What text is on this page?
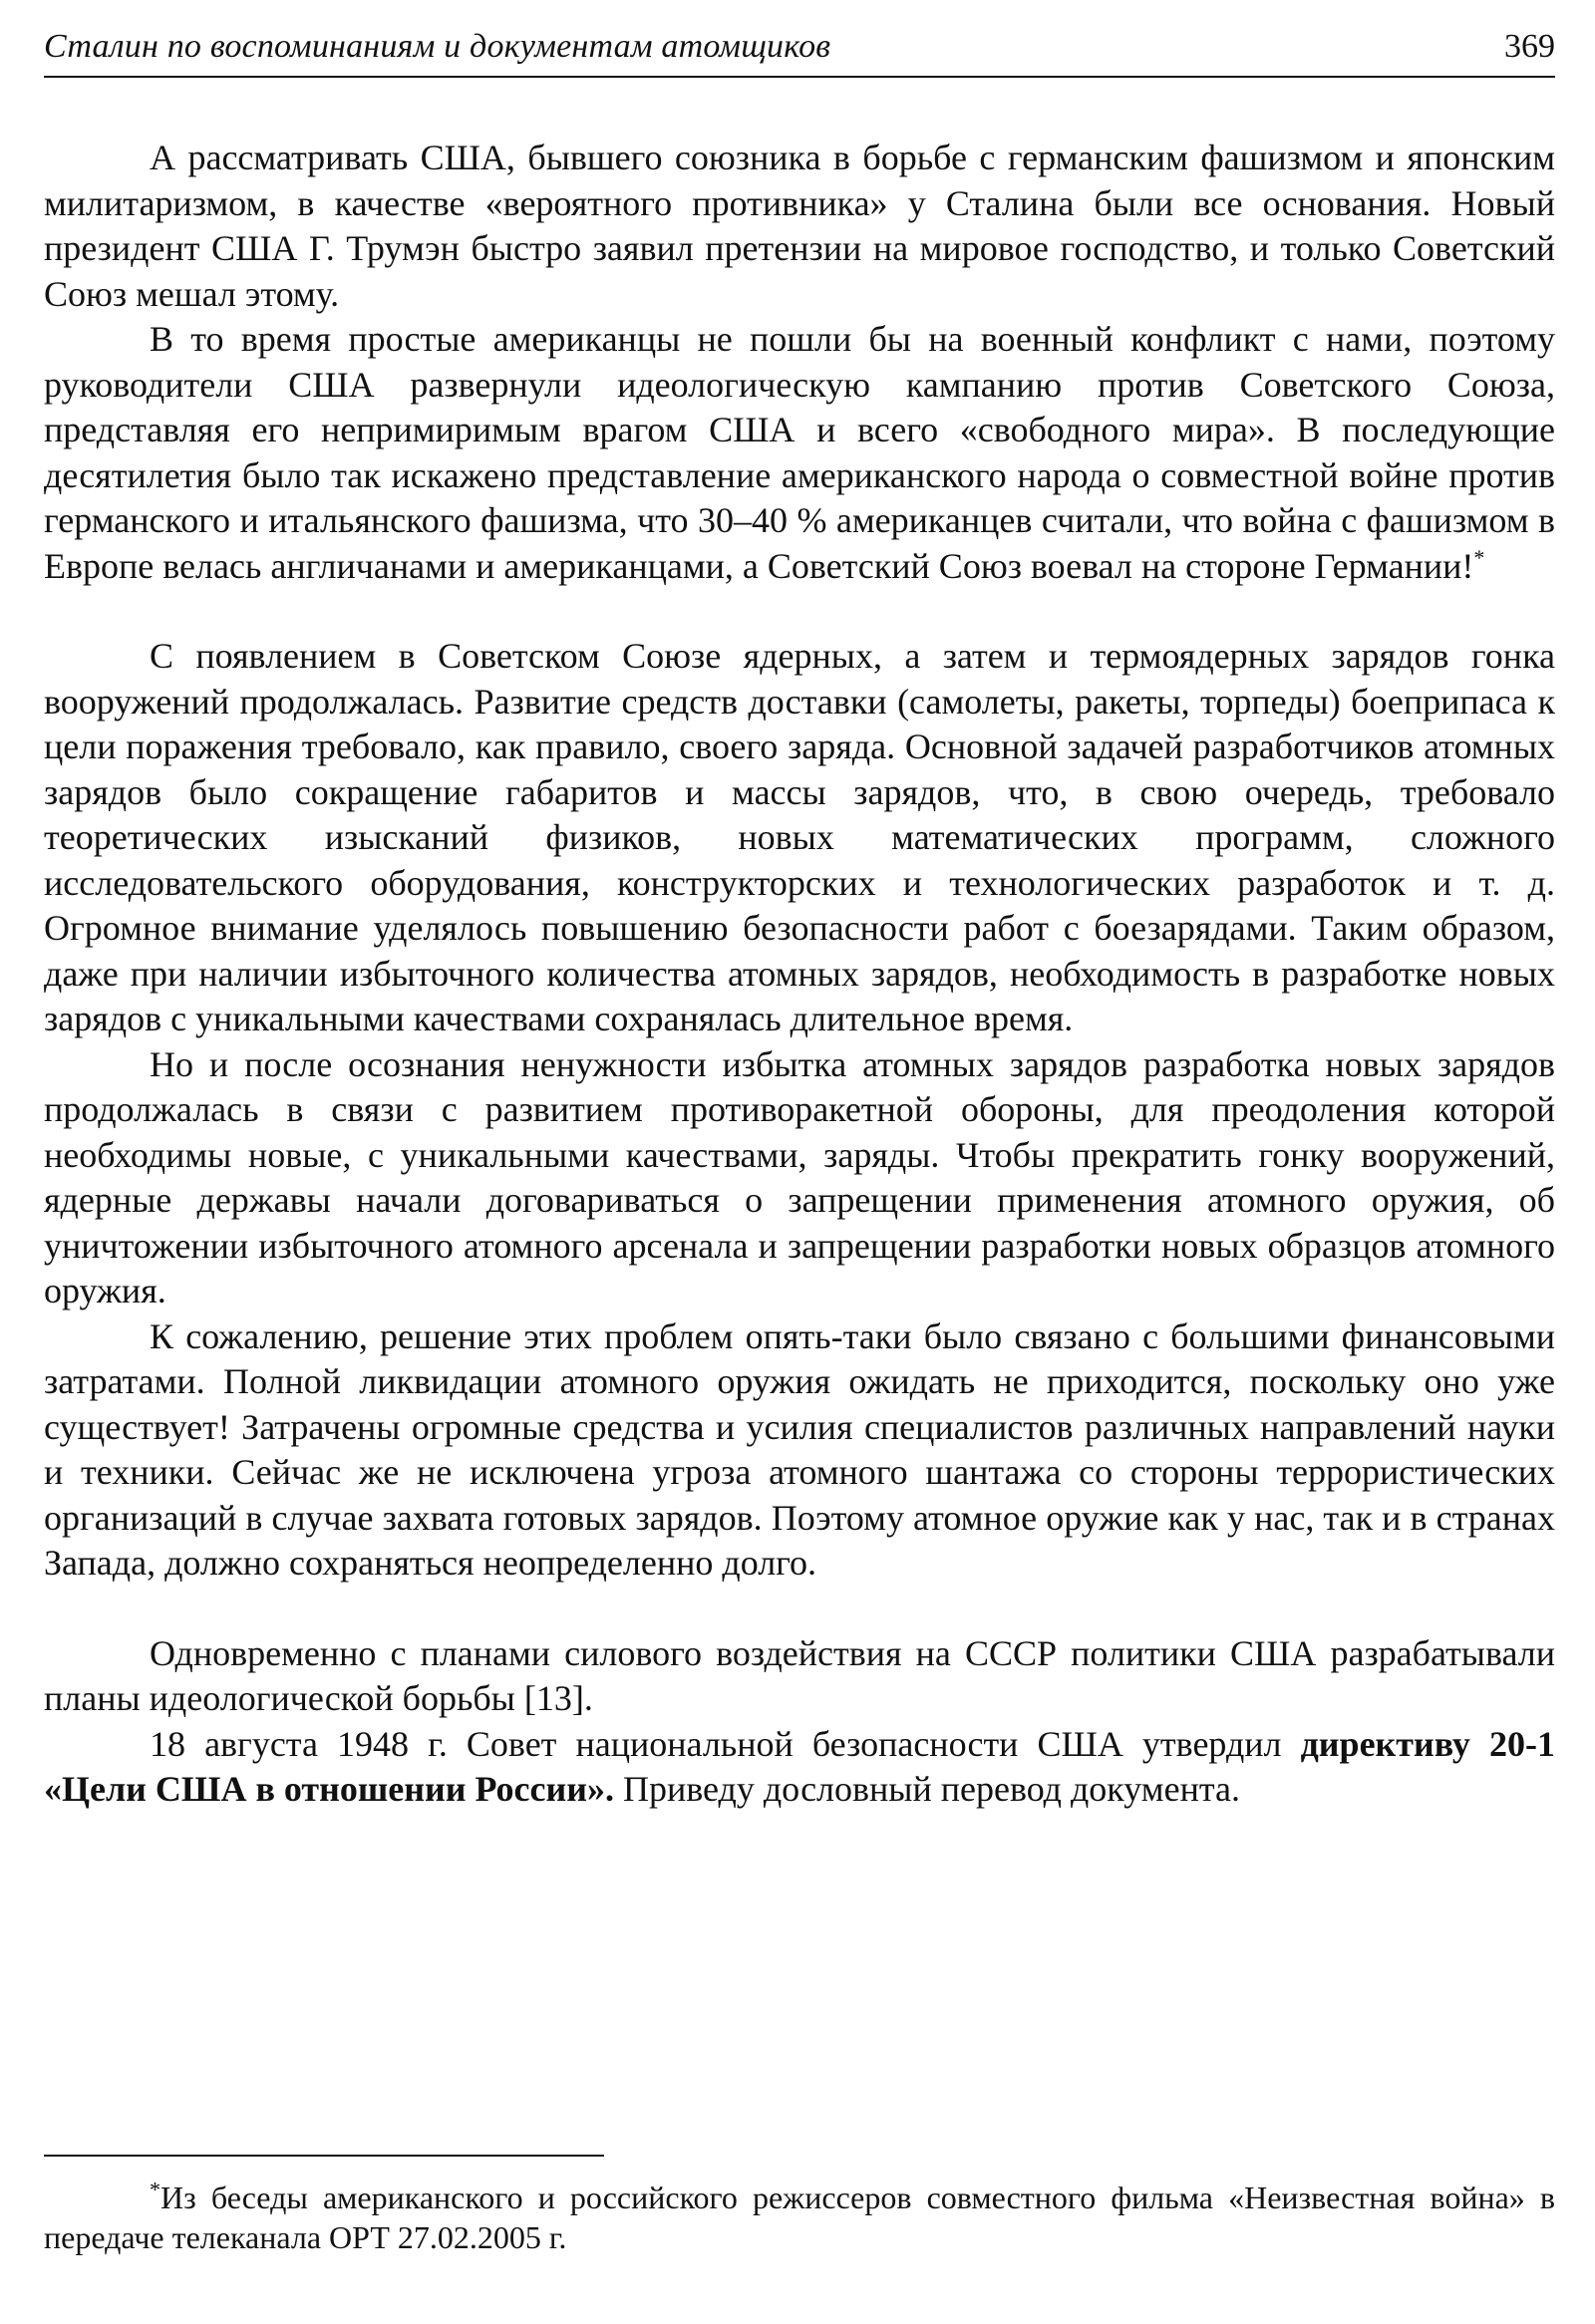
Сталин по воспоминаниям и документам атомщиков	369

А рассматривать США, бывшего союзника в борьбе с германским фашизмом и японским милитаризмом, в качестве «вероятного противника» у Сталина были все основания. Новый президент США Г. Трумэн быстро заявил претензии на мировое господство, и только Советский Союз мешал этому.

В то время простые американцы не пошли бы на военный конфликт с нами, поэтому руководители США развернули идеологическую кампанию против Советского Союза, представляя его непримиримым врагом США и всего «свободного мира». В последующие десятилетия было так искажено представление американского народа о совместной войне против германского и итальянского фашизма, что 30–40 % американцев считали, что война с фашизмом в Европе велась англичанами и американцами, а Советский Союз воевал на стороне Германии!*

С появлением в Советском Союзе ядерных, а затем и термоядерных зарядов гонка вооружений продолжалась. Развитие средств доставки (самолеты, ракеты, торпеды) боеприпаса к цели поражения требовало, как правило, своего заряда. Основной задачей разработчиков атомных зарядов было сокращение габаритов и массы зарядов, что, в свою очередь, требовало теоретических изысканий физиков, новых математических программ, сложного исследовательского оборудования, конструкторских и технологических разработок и т. д. Огромное внимание уделялось повышению безопасности работ с боезарядами. Таким образом, даже при наличии избыточного количества атомных зарядов, необходимость в разработке новых зарядов с уникальными качествами сохранялась длительное время.

Но и после осознания ненужности избытка атомных зарядов разработка новых зарядов продолжалась в связи с развитием противоракетной обороны, для преодоления которой необходимы новые, с уникальными качествами, заряды. Чтобы прекратить гонку вооружений, ядерные державы начали договариваться о запрещении применения атомного оружия, об уничтожении избыточного атомного арсенала и запрещении разработки новых образцов атомного оружия.

К сожалению, решение этих проблем опять-таки было связано с большими финансовыми затратами. Полной ликвидации атомного оружия ожидать не приходится, поскольку оно уже существует! Затрачены огромные средства и усилия специалистов различных направлений науки и техники. Сейчас же не исключена угроза атомного шантажа со стороны террористических организаций в случае захвата готовых зарядов. Поэтому атомное оружие как у нас, так и в странах Запада, должно сохраняться неопределенно долго.

Одновременно с планами силового воздействия на СССР политики США разрабатывали планы идеологической борьбы [13].

18 августа 1948 г. Совет национальной безопасности США утвердил директиву 20-1 «Цели США в отношении России». Приведу дословный перевод документа.

*Из беседы американского и российского режиссеров совместного фильма «Неизвестная война» в передаче телеканала ОРТ 27.02.2005 г.
